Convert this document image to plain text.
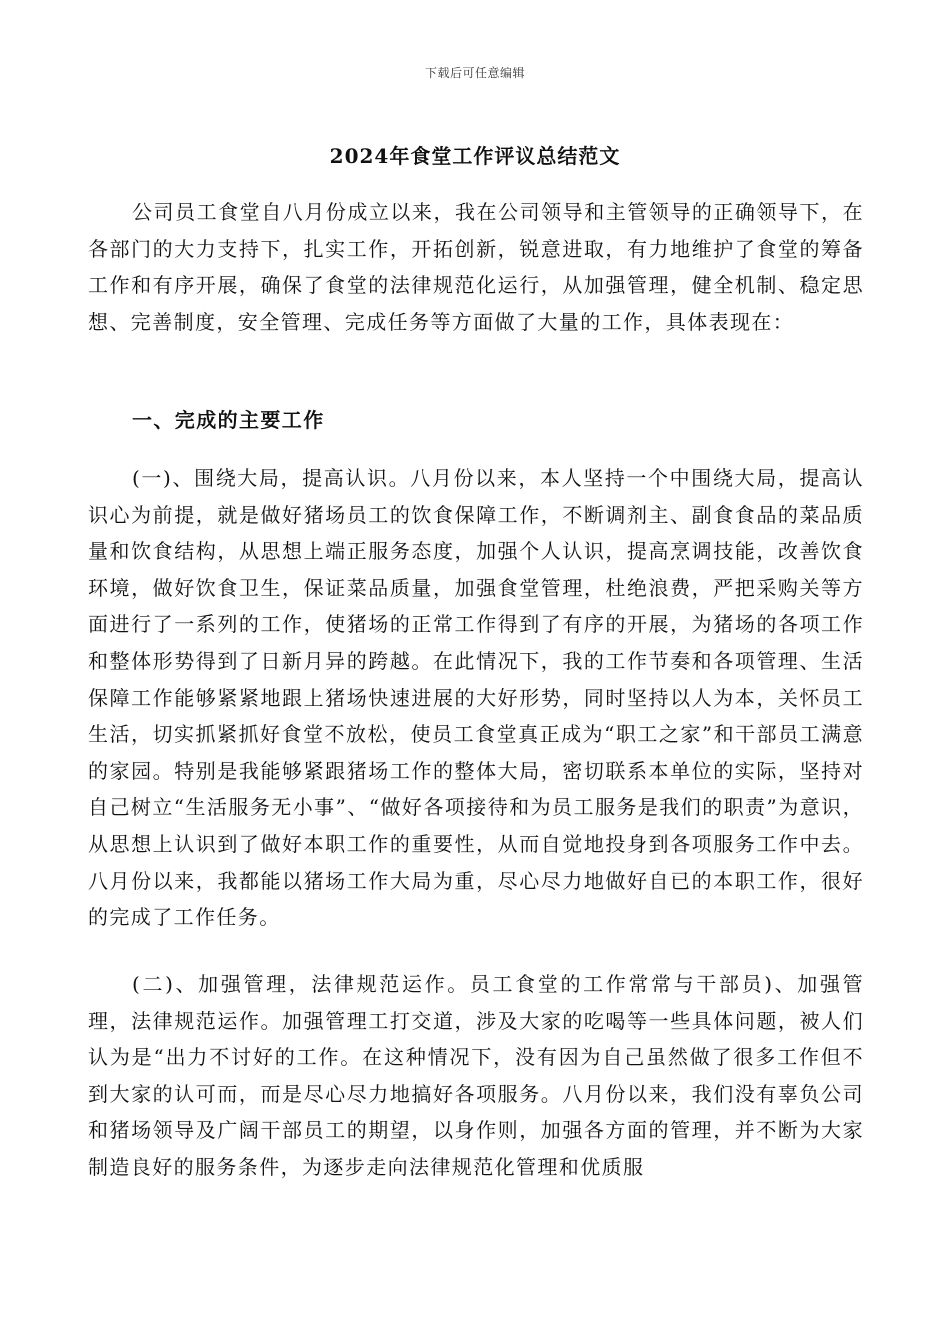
下载后可任意编辑
2024年食堂工作评议总结范文

公司员工食堂自八月份成立以来，我在公司领导和主管领导的正确领导下，在各部门的大力支持下，扎实工作，开拓创新，锐意进取，有力地维护了食堂的筹备工作和有序开展，确保了食堂的法律规范化运行，从加强管理，健全机制、稳定思想、完善制度，安全管理、完成任务等方面做了大量的工作，具体表现在：

一、完成的主要工作

(一)、围绕大局，提高认识。八月份以来，本人坚持一个中围绕大局，提高认识心为前提，就是做好猪场员工的饮食保障工作，不断调剂主、副食食品的菜品质量和饮食结构，从思想上端正服务态度，加强个人认识，提高烹调技能，改善饮食环境，做好饮食卫生，保证菜品质量，加强食堂管理，杜绝浪费，严把采购关等方面进行了一系列的工作，使猪场的正常工作得到了有序的开展，为猪场的各项工作和整体形势得到了日新月异的跨越。在此情况下，我的工作节奏和各项管理、生活保障工作能够紧紧地跟上猪场快速进展的大好形势，同时坚持以人为本，关怀员工生活，切实抓紧抓好食堂不放松，使员工食堂真正成为“职工之家”和干部员工满意的家园。特别是我能够紧跟猪场工作的整体大局，密切联系本单位的实际，坚持对自己树立“生活服务无小事”、“做好各项接待和为员工服务是我们的职责”为意识，从思想上认识到了做好本职工作的重要性，从而自觉地投身到各项服务工作中去。八月份以来，我都能以猪场工作大局为重，尽心尽力地做好自已的本职工作，很好的完成了工作任务。

(二)、加强管理，法律规范运作。员工食堂的工作常常与干部员)、加强管理，法律规范运作。加强管理工打交道，涉及大家的吃喝等一些具体问题，被人们认为是“出力不讨好的工作。在这种情况下，没有因为自己虽然做了很多工作但不到大家的认可而，而是尽心尽力地搞好各项服务。八月份以来，我们没有辜负公司和猪场领导及广阔干部员工的期望，以身作则，加强各方面的管理，并不断为大家制造良好的服务条件，为逐步走向法律规范化管理和优质服
